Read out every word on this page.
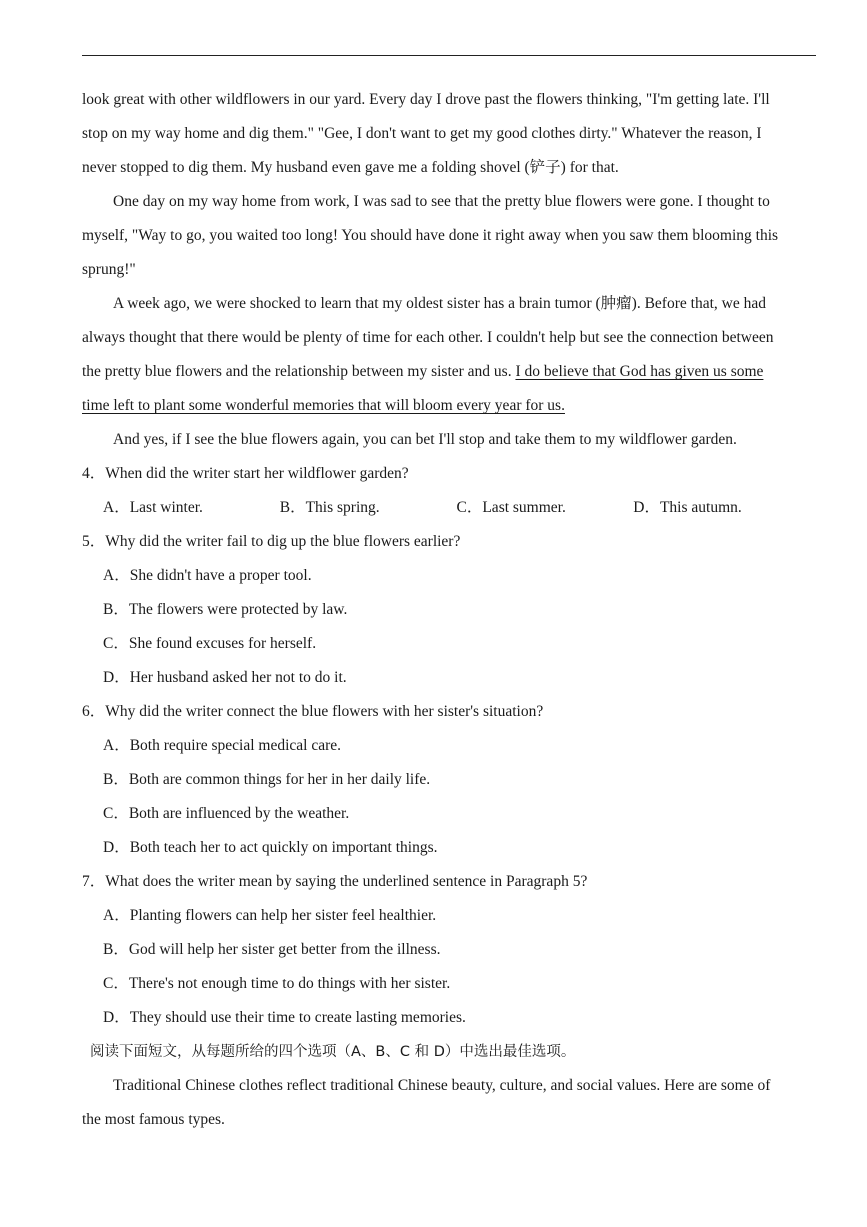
look great with other wildflowers in our yard. Every day I drove past the flowers thinking, "I'm getting late. I'll
stop on my way home and dig them." "Gee, I don't want to get my good clothes dirty." Whatever the reason, I
never stopped to dig them. My husband even gave me a folding shovel (铲子) for that.
One day on my way home from work, I was sad to see that the pretty blue flowers were gone. I thought to
myself, "Way to go, you waited too long! You should have done it right away when you saw them blooming this
sprung!"
A week ago, we were shocked to learn that my oldest sister has a brain tumor (肿瘤). Before that, we had
always thought that there would be plenty of time for each other. I couldn't help but see the connection between
the pretty blue flowers and the relationship between my sister and us. I do believe that God has given us some
time left to plant some wonderful memories that will bloom every year for us.
And yes, if I see the blue flowers again, you can bet I'll stop and take them to my wildflower garden.
4．When did the writer start her wildflower garden?
A．Last winter.	B．This spring.	C．Last summer.	D．This autumn.
5．Why did the writer fail to dig up the blue flowers earlier?
A．She didn't have a proper tool.
B．The flowers were protected by law.
C．She found excuses for herself.
D．Her husband asked her not to do it.
6．Why did the writer connect the blue flowers with her sister's situation?
A．Both require special medical care.
B．Both are common things for her in her daily life.
C．Both are influenced by the weather.
D．Both teach her to act quickly on important things.
7．What does the writer mean by saying the underlined sentence in Paragraph 5?
A．Planting flowers can help her sister feel healthier.
B．God will help her sister get better from the illness.
C．There's not enough time to do things with her sister.
D．They should use their time to create lasting memories.
阅读下面短文，从每题所给的四个选项（A、B、C 和 D）中选出最佳选项。
Traditional Chinese clothes reflect traditional Chinese beauty, culture, and social values. Here are some of
the most famous types.
